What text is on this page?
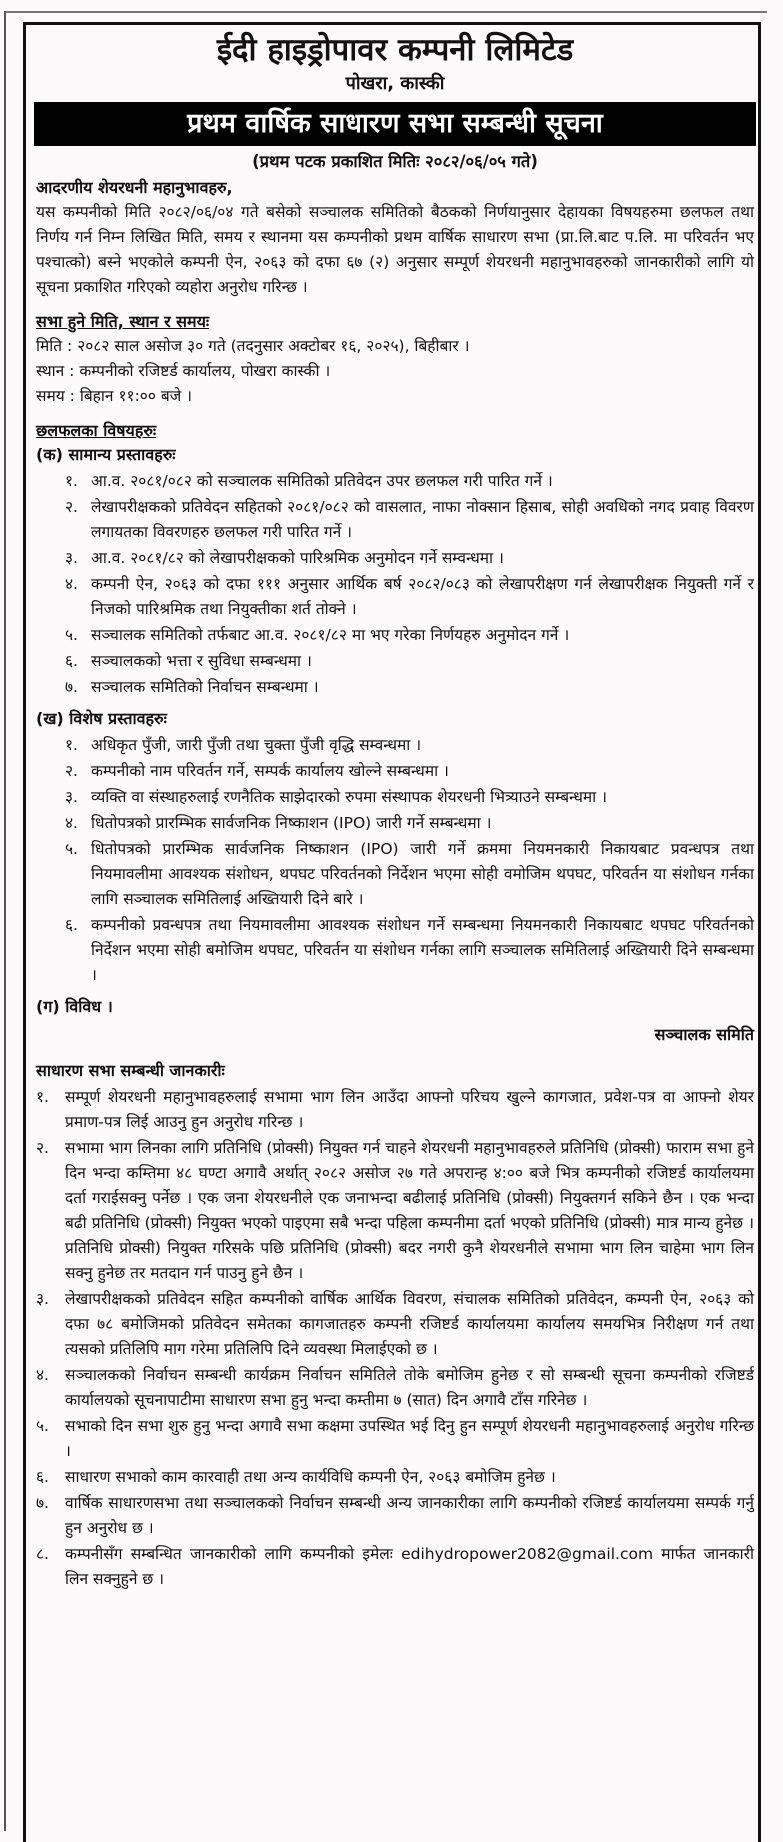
ईदी हाइड्रोपावर कम्पनी लिमिटेड
पोखरा, कास्की
प्रथम वार्षिक साधारण सभा सम्बन्धी सूचना
(प्रथम पटक प्रकाशित मितिः २०८२/०६/०५ गते)
आदरणीय शेयरधनी महानुभावहरु,

यस कम्पनीको मिति २०८२/०६/०४ गते बसेको सञ्चालक समितिको बैठकको निर्णयानुसार देहायका विषयहरुमा छलफल तथा निर्णय गर्न निम्न लिखित मिति, समय र स्थानमा यस कम्पनीको प्रथम वार्षिक साधारण सभा (प्रा.लि.बाट प.लि. मा परिवर्तन भए पश्चात्को) बस्ने भएकोले कम्पनी ऐन, २०६३ को दफा ६७ (२) अनुसार सम्पूर्ण शेयरधनी महानुभावहरुको जानकारीको लागि यो सूचना प्रकाशित गरिएको व्यहोरा अनुरोध गरिन्छ ।

सभा हुने मिति, स्थान र समयः
मिति : २०८२ साल असोज ३० गते (तदनुसार अक्टोबर १६, २०२५), बिहीबार ।
स्थान : कम्पनीको रजिष्टर्ड कार्यालय, पोखरा कास्की ।
समय : बिहान ११:०० बजे ।
छलफलका विषयहरुः
(क) सामान्य प्रस्तावहरुः
१. आ.व. २०८१/०८२ को सञ्चालक समितिको प्रतिवेदन उपर छलफल गरी पारित गर्ने ।
२. लेखापरीक्षकको प्रतिवेदन सहितको २०८१/०८२ को वासलात, नाफा नोक्सान हिसाब, सोही अवधिको नगद प्रवाह विवरण लगायतका विवरणहरु छलफल गरी पारित गर्ने ।
३. आ.व. २०८१/८२ को लेखापरीक्षकको पारिश्रमिक अनुमोदन गर्ने सम्वन्धमा ।
४. कम्पनी ऐन, २०६३ को दफा १११ अनुसार आर्थिक बर्ष २०८२/०८३ को लेखापरीक्षण गर्न लेखापरीक्षक नियुक्ती गर्ने र निजको पारिश्रमिक तथा नियुक्तीका शर्त तोक्ने ।
५. सञ्चालक समितिको तर्फबाट आ.व. २०८१/८२ मा भए गरेका निर्णयहरु अनुमोदन गर्ने ।
६. सञ्चालकको भत्ता र सुविधा सम्बन्धमा ।
७. सञ्चालक समितिको निर्वाचन सम्बन्धमा ।
(ख) विशेष प्रस्तावहरुः
१. अधिकृत पुँजी, जारी पुँजी तथा चुक्ता पुँजी वृद्धि सम्वन्धमा ।
२. कम्पनीको नाम परिवर्तन गर्ने, सम्पर्क कार्यालय खोल्ने सम्बन्धमा ।
३. व्यक्ति वा संस्थाहरुलाई रणनैतिक साझेदारको रुपमा संस्थापक शेयरधनी भित्र्याउने सम्बन्धमा ।
४. धितोपत्रको प्रारम्भिक सार्वजनिक निष्काशन (IPO) जारी गर्ने सम्बन्धमा ।
५. धितोपत्रको प्रारम्भिक सार्वजनिक निष्काशन (IPO) जारी गर्ने क्रममा नियमनकारी निकायबाट प्रवन्धपत्र तथा नियमावलीमा आवश्यक संशोधन, थपघट परिवर्तनको निर्देशन भएमा सोही वमोजिम थपघट, परिवर्तन या संशोधन गर्नका लागि सञ्चालक समितिलाई अख्तियारी दिने बारे ।
६. कम्पनीको प्रवन्धपत्र तथा नियमावलीमा आवश्यक संशोधन गर्ने सम्बन्धमा नियमनकारी निकायबाट थपघट परिवर्तनको निर्देशन भएमा सोही बमोजिम थपघट, परिवर्तन या संशोधन गर्नका लागि सञ्चालक समितिलाई अख्तियारी दिने सम्बन्धमा ।
(ग) विविध ।
सञ्चालक समिति
साधारण सभा सम्बन्धी जानकारीः
१. सम्पूर्ण शेयरधनी महानुभावहरुलाई सभामा भाग लिन आउँदा आफ्नो परिचय खुल्ने कागजात, प्रवेश-पत्र वा आफ्नो शेयर प्रमाण-पत्र लिई आउनु हुन अनुरोध गरिन्छ ।
२. सभामा भाग लिनका लागि प्रतिनिधि (प्रोक्सी) नियुक्त गर्न चाहने शेयरधनी महानुभावहरुले प्रतिनिधि (प्रोक्सी) फाराम सभा हुने दिन भन्दा कम्तिमा ४८ घण्टा अगावै अर्थात् २०८२ असोज २७ गते अपरान्ह ४:०० बजे भित्र कम्पनीको रजिष्टर्ड कार्यालयमा दर्ता गराईसक्नु पर्नेछ । एक जना शेयरधनीले एक जनाभन्दा बढीलाई प्रतिनिधि (प्रोक्सी) नियुक्तगर्न सकिने छैन । एक भन्दा बढी प्रतिनिधि (प्रोक्सी) नियुक्त भएको पाइएमा सबै भन्दा पहिला कम्पनीमा दर्ता भएको प्रतिनिधि (प्रोक्सी) मात्र मान्य हुनेछ । प्रतिनिधि प्रोक्सी) नियुक्त गरिसके पछि प्रतिनिधि (प्रोक्सी) बदर नगरी कुनै शेयरधनीले सभामा भाग लिन चाहेमा भाग लिन सक्नु हुनेछ तर मतदान गर्न पाउनु हुने छैन ।
३. लेखापरीक्षकको प्रतिवेदन सहित कम्पनीको वार्षिक आर्थिक विवरण, संचालक समितिको प्रतिवेदन, कम्पनी ऐन, २०६३ को दफा ७८ बमोजिमको प्रतिवेदन समेतका कागजातहरु कम्पनी रजिष्टर्ड कार्यालयमा कार्यालय समयभित्र निरीक्षण गर्न तथा त्यसको प्रतिलिपि माग गरेमा प्रतिलिपि दिने व्यवस्था मिलाईएको छ ।
४. सञ्चालकको निर्वाचन सम्बन्धी कार्यक्रम निर्वाचन समितिले तोके बमोजिम हुनेछ र सो सम्बन्धी सूचना कम्पनीको रजिष्टर्ड कार्यालयको सूचनापाटीमा साधारण सभा हुनु भन्दा कम्तीमा ७ (सात) दिन अगावै टाँस गरिनेछ ।
५. सभाको दिन सभा शुरु हुनु भन्दा अगावै सभा कक्षमा उपस्थित भई दिनु हुन सम्पूर्ण शेयरधनी महानुभावहरुलाई अनुरोध गरिन्छ ।
६. साधारण सभाको काम कारवाही तथा अन्य कार्यविधि कम्पनी ऐन, २०६३ बमोजिम हुनेछ ।
७. वार्षिक साधारणसभा तथा सञ्चालकको निर्वाचन सम्बन्धी अन्य जानकारीका लागि कम्पनीको रजिष्टर्ड कार्यालयमा सम्पर्क गर्नु हुन अनुरोध छ ।
८. कम्पनीसँग सम्बन्धित जानकारीको लागि कम्पनीको इमेलः edihydropower2082@gmail.com मार्फत जानकारी लिन सक्नुहुने छ ।
